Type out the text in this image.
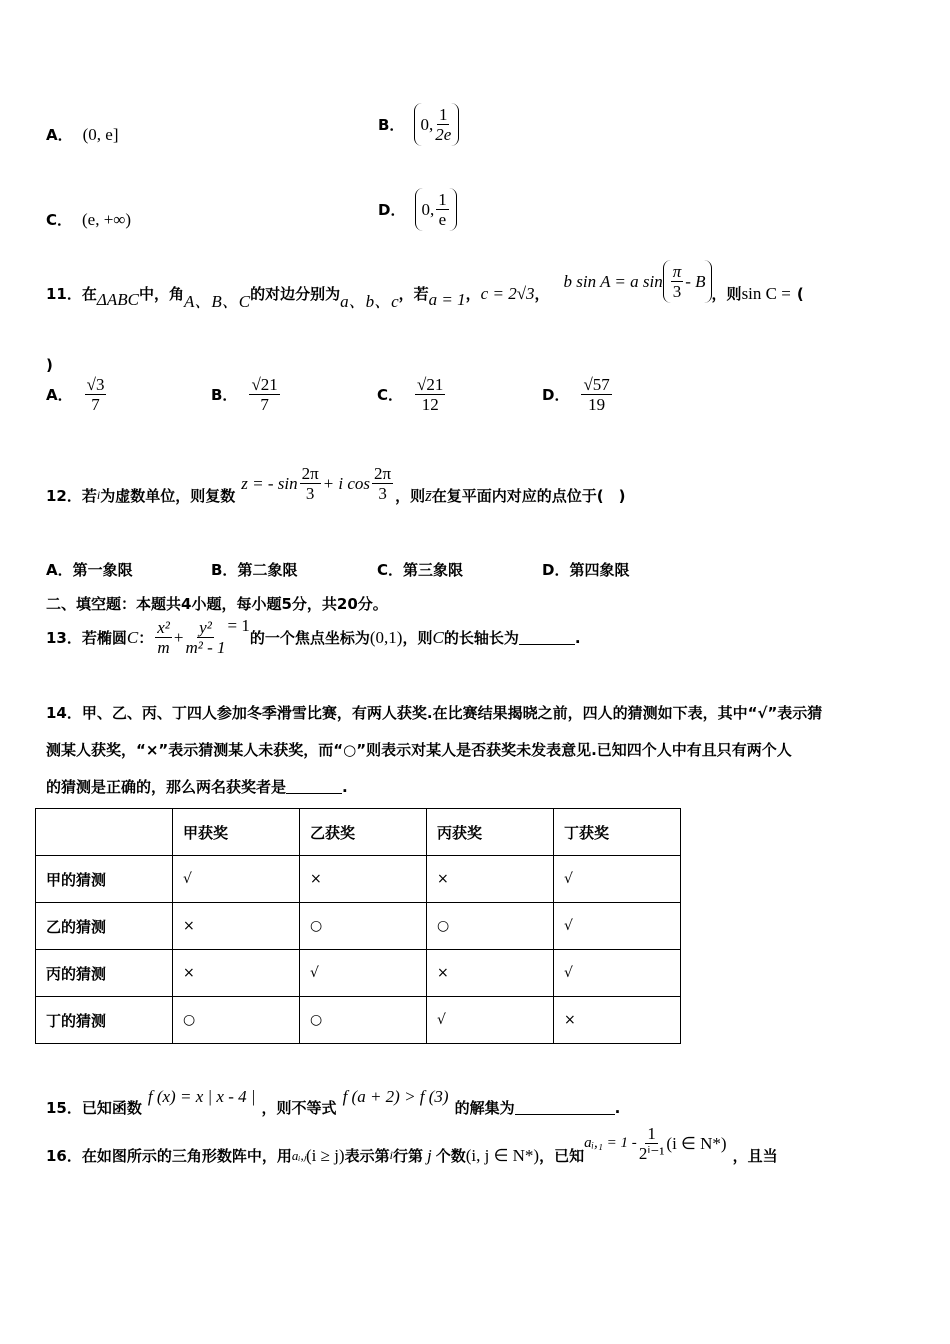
A． (0, e]	B． 0, $\frac{1}{2e}$
C． (e, +∞)	D． 0, $\frac{1}{e}$
11．在 ΔABC 中，角 A、B、C 的对边分别为 a、b、c ，若 a = 1 ， c = 2√3 ，
b sin A = a $\sin \frac{\pi}{3}$ - B
，则 sin C = (
)
A． $\frac{√3}{7}$	B． $\frac{√21}{7}$	C． $\frac{√21}{12}$	D． $\frac{√57}{19}$
12．若 i 为虚数单位，则复数
z = - $\sin \frac{2\pi}{3} + i$ $\cos \frac{2\pi}{3}$ ，则 z̄ 在复平面内对应的点位于(　)
A． 第一象限	B． 第二象限	C． 第三象限	D． 第四象限
二、填空题：本题共4小题，每小题5分，共20分。
13．若椭圆 C ： $\frac{\text{x²}}{m} + \frac{\text{y²}}{\text{m² - 1}} = 1$
的一个焦点坐标为 (0,1) ，则 C 的长轴长为	.
14．甲、乙、丙、丁四人参加冬季滑雪比赛，有两人获奖.在比赛结果揭晓之前，四人的猜测如下表，其中“√”表示猜
测某人获奖，“×”表示猜测某人未获奖，而“○”则表示对某人是否获奖未发表意见.已知四个人中有且只有两个人
的猜测是正确的，那么两名获奖者是	.
	甲获奖	乙获奖	丙获奖	丁获奖
甲的猜测	√	×	×	√
乙的猜测	×	○	○	√
丙的猜测	×	√	×	√
丁的猜测	○	○	√	×
15．已知函数
f (x) = x | x - 4 |
，则不等式
f (a + 2) > f (3)
的解集为	.
16．在如图所示的三角形数阵中，用 aᵢ,ⱼ (i ≥ j) 表示第 i 行第 j 个数 (i, j ∈ N*) ，已知
aᵢ,₁ = $1 - \frac{1}{\text{2ⁱ⁻¹}} (i$ ∈ N*)
，且当
